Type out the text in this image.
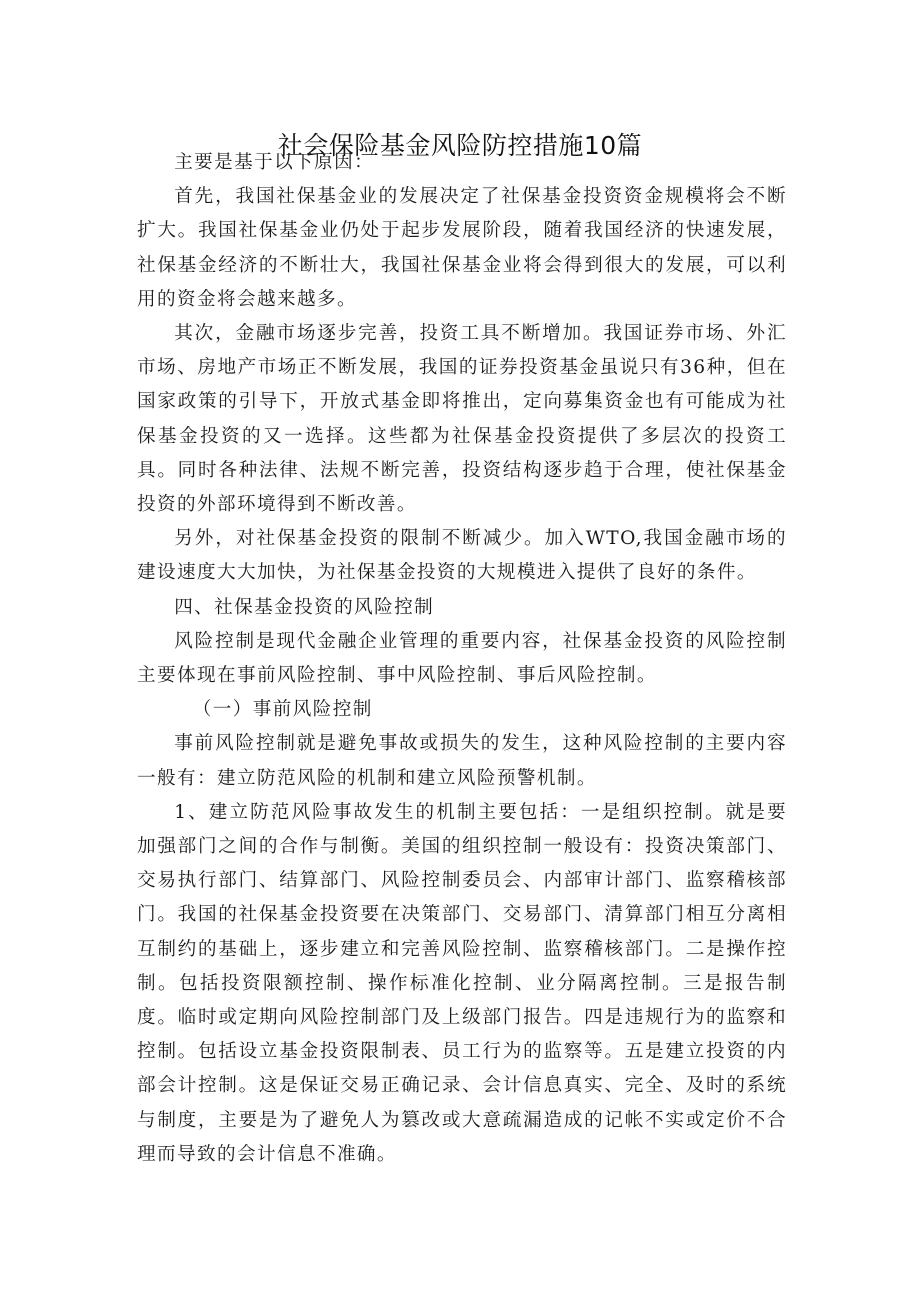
社会保险基金风险防控措施10篇

主要是基于以下原因：

首先，我国社保基金业的发展决定了社保基金投资资金规模将会不断扩大。我国社保基金业仍处于起步发展阶段，随着我国经济的快速发展，社保基金经济的不断壮大，我国社保基金业将会得到很大的发展，可以利用的资金将会越来越多。

其次，金融市场逐步完善，投资工具不断增加。我国证券市场、外汇市场、房地产市场正不断发展，我国的证券投资基金虽说只有36种，但在国家政策的引导下，开放式基金即将推出，定向募集资金也有可能成为社保基金投资的又一选择。这些都为社保基金投资提供了多层次的投资工具。同时各种法律、法规不断完善，投资结构逐步趋于合理，使社保基金投资的外部环境得到不断改善。

另外，对社保基金投资的限制不断减少。加入WTO,我国金融市场的建设速度大大加快，为社保基金投资的大规模进入提供了良好的条件。

四、社保基金投资的风险控制

风险控制是现代金融企业管理的重要内容，社保基金投资的风险控制主要体现在事前风险控制、事中风险控制、事后风险控制。

（一）事前风险控制

事前风险控制就是避免事故或损失的发生，这种风险控制的主要内容一般有：建立防范风险的机制和建立风险预警机制。

1、建立防范风险事故发生的机制主要包括：一是组织控制。就是要加强部门之间的合作与制衡。美国的组织控制一般设有：投资决策部门、交易执行部门、结算部门、风险控制委员会、内部审计部门、监察稽核部门。我国的社保基金投资要在决策部门、交易部门、清算部门相互分离相互制约的基础上，逐步建立和完善风险控制、监察稽核部门。二是操作控制。包括投资限额控制、操作标准化控制、业分隔离控制。三是报告制度。临时或定期向风险控制部门及上级部门报告。四是违规行为的监察和控制。包括设立基金投资限制表、员工行为的监察等。五是建立投资的内部会计控制。这是保证交易正确记录、会计信息真实、完全、及时的系统与制度，主要是为了避免人为篡改或大意疏漏造成的记帐不实或定价不合理而导致的会计信息不准确。
